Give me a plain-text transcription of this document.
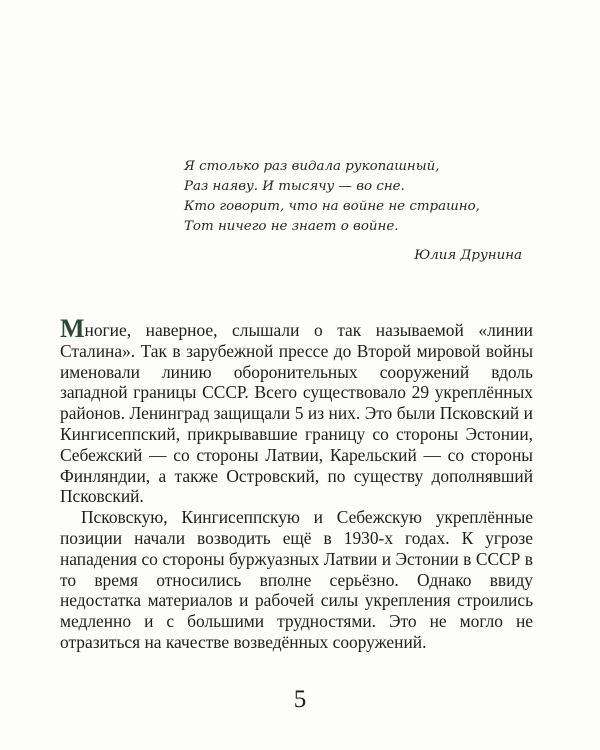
Я столько раз видала рукопашный,
Раз наяву. И тысячу — во сне.
Кто говорит, что на войне не страшно,
Тот ничего не знает о войне.
Юлия Друнина

Многие, наверное, слышали о так называемой «линии Сталина». Так в зарубежной прессе до Второй мировой войны именовали линию оборонительных сооружений вдоль западной границы СССР. Всего существовало 29 укреплённых районов. Ленинград защищали 5 из них. Это были Псковский и Кингисеппский, прикрывавшие границу со стороны Эстонии, Себежский — со стороны Латвии, Карельский — со стороны Финляндии, а также Островский, по существу дополнявший Псковский.

Псковскую, Кингисеппскую и Себежскую укреплённые позиции начали возводить ещё в 1930-х годах. К угрозе нападения со стороны буржуазных Латвии и Эстонии в СССР в то время относились вполне серьёзно. Однако ввиду недостатка материалов и рабочей силы укрепления строились медленно и с большими трудностями. Это не могло не отразиться на качестве возведённых сооружений.

5
